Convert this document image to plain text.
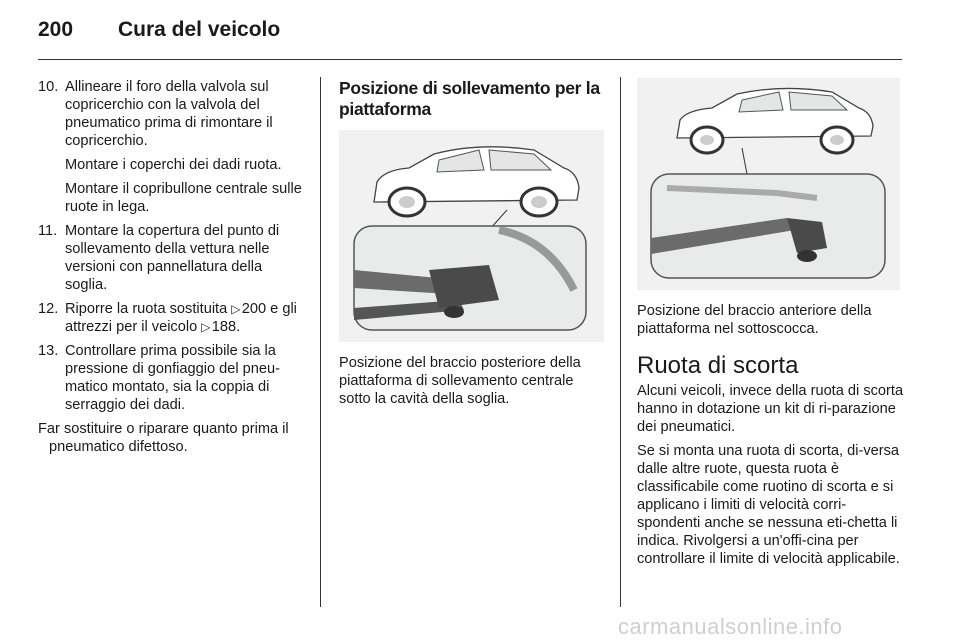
200 Cura del veicolo
10. Allineare il foro della valvola sul copricerchio con la valvola del pneumatico prima di rimontare il copricerchio.
Montare i coperchi dei dadi ruota.
Montare il copribullone centrale sulle ruote in lega.
11. Montare la copertura del punto di sollevamento della vettura nelle versioni con pannellatura della soglia.
12. Riporre la ruota sostituita ▷ 200 e gli attrezzi per il veicolo ▷ 188.
13. Controllare prima possibile sia la pressione di gonfiaggio del pneu-matico montato, sia la coppia di serraggio dei dadi.
Far sostituire o riparare quanto prima il pneumatico difettoso.
Posizione di sollevamento per la piattaforma
Posizione del braccio posteriore della piattaforma di sollevamento centrale sotto la cavità della soglia.
Posizione del braccio anteriore della piattaforma nel sottoscocca.
Ruota di scorta
Alcuni veicoli, invece della ruota di scorta hanno in dotazione un kit di ri-parazione dei pneumatici.
Se si monta una ruota di scorta, di-versa dalle altre ruote, questa ruota è classificabile come ruotino di scorta e si applicano i limiti di velocità corri-spondenti anche se nessuna eti-chetta li indica. Rivolgersi a un'offi-cina per controllare il limite di velocità applicabile.
carmanualsonline.info
